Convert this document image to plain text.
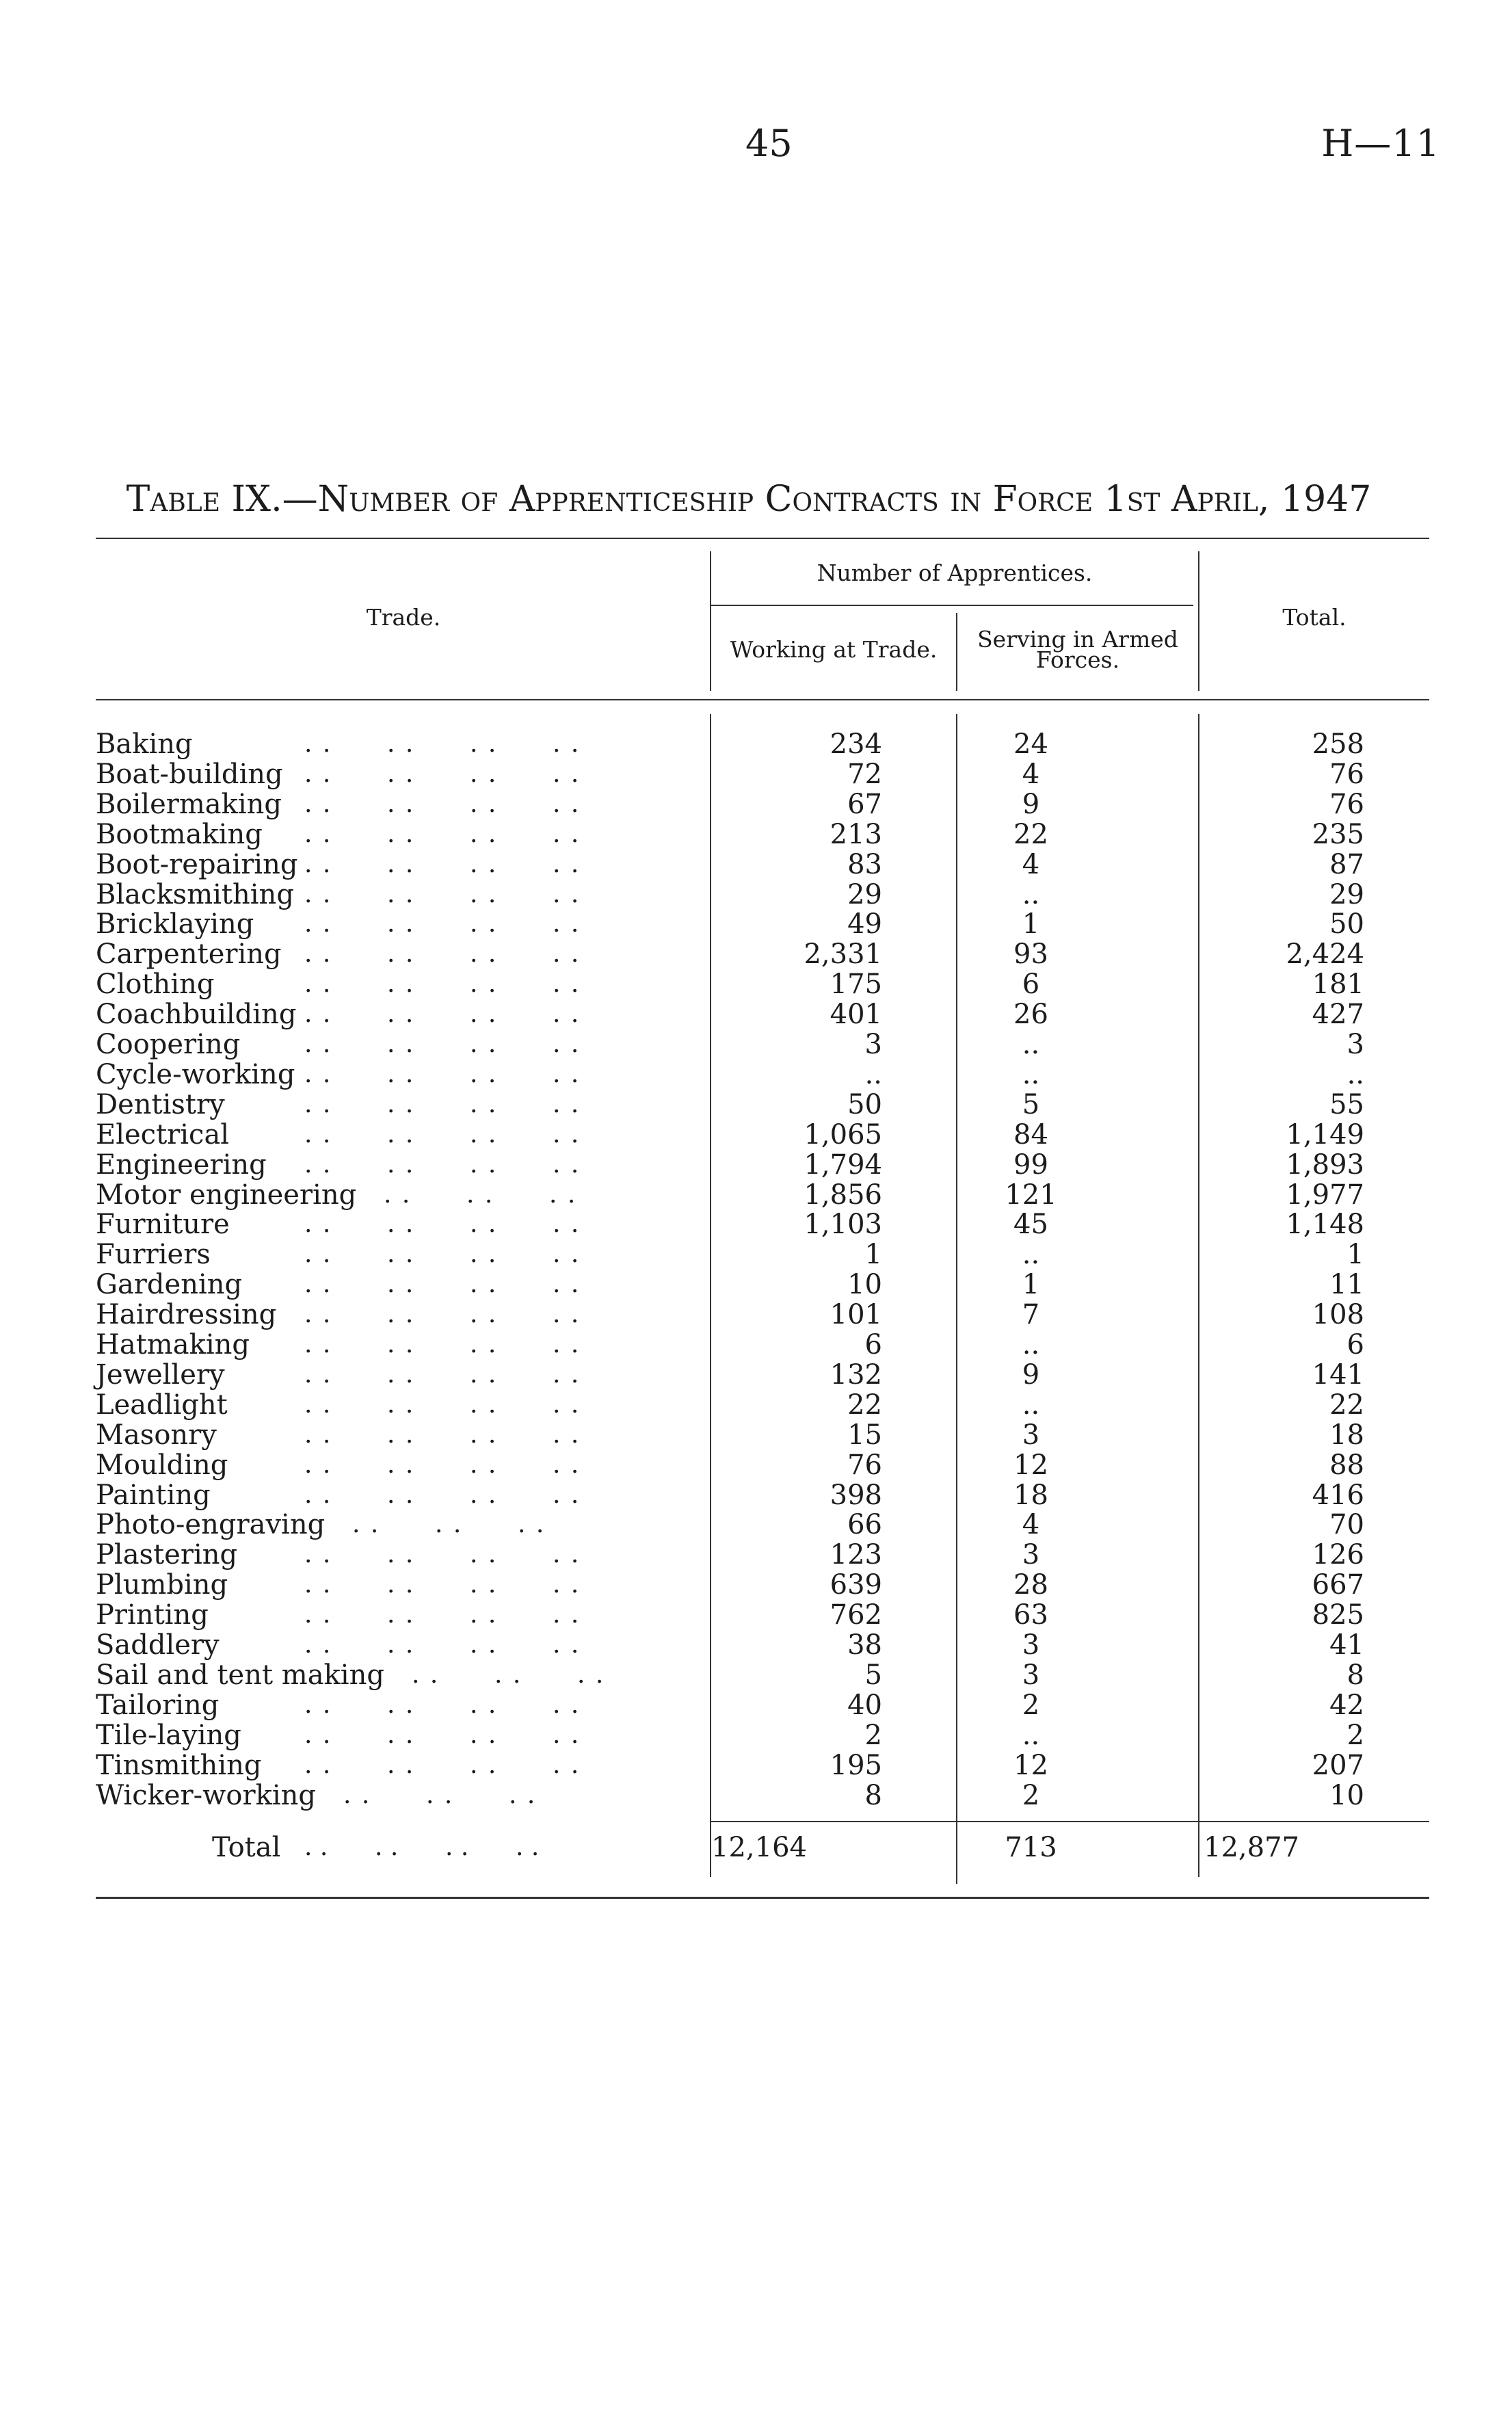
45	H—11
Table IX.—Number of Apprenticeship Contracts in Force 1st April, 1947
Trade.
Number of Apprentices.
Working at Trade.	Serving in Armed
Forces.
Total.
Baking	. .      . .      . .      . .	234	24	258
Boat-building . .      . .      . .      . .	72	4	76
Boilermaking . .      . .      . .      . .	67	9	76
Bootmaking . .      . .      . .      . .	213	22	235
Boot-repairing . .      . .      . .      . .	83	4	87
Blacksmithing . .      . .      . .      . .	29	..	29
Bricklaying . .      . .      . .      . .	49	1	50
Carpentering . .      . .      . .      . .	2,331	93	2,424
Clothing	. .      . .      . .      . .	175	6	181
Coachbuilding . .      . .      . .      . .	401	26	427
Coopering	. .      . .      . .      . .	3	..	3
Cycle-working . .      . .      . .      . .	..	..	..
Dentistry	. .      . .      . .      . .	50	5	55
Electrical	. .      . .      . .      . .	1,065	84	1,149
Engineering . .      . .      . .      . .	1,794	99	1,893
Motor engineering . .      . .      . .	1,856	121	1,977
Furniture	. .      . .      . .      . .	1,103	45	1,148
Furriers	. .      . .      . .      . .	1	..	1
Gardening	. .      . .      . .      . .	10	1	11
Hairdressing . .      . .      . .      . .	101	7	108
Hatmaking . .      . .      . .      . .	6	..	6
Jewellery	. .      . .      . .      . .	132	9	141
Leadlight	. .      . .      . .      . .	22	..	22
Masonry	. .      . .      . .      . .	15	3	18
Moulding	. .      . .      . .      . .	76	12	88
Painting	. .      . .      . .      . .	398	18	416
Photo-engraving . .      . .      . .	66	4	70
Plastering	. .      . .      . .      . .	123	3	126
Plumbing	. .      . .      . .      . .	639	28	667
Printing	. .      . .      . .      . .	762	63	825
Saddlery	. .      . .      . .      . .	38	3	41
Sail and tent making . .      . .      . .	5	3	8
Tailoring	. .      . .      . .      . .	40	2	42
Tile-laying	. .      . .      . .      . .	2	..	2
Tinsmithing . .      . .      . .      . .	195	12	207
Wicker-working . .      . .      . .	8	2	10
Total . .      . .      . .      . .	12,164	713	12,877
